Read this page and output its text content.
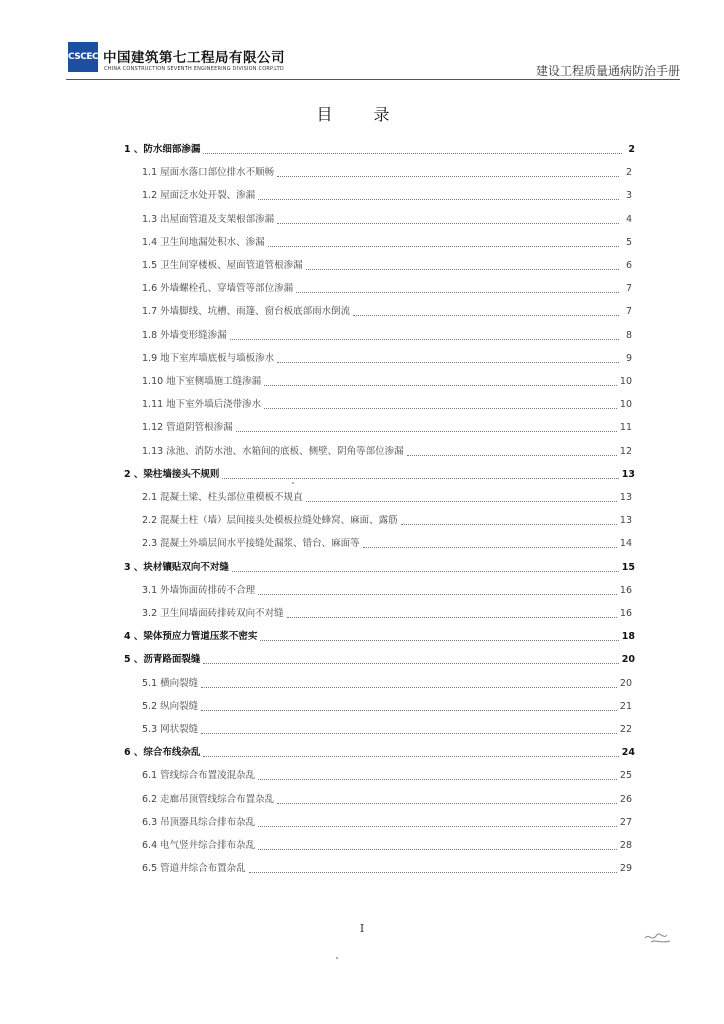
CSCEC 中国建筑第七工程局有限公司
CHINA CONSTRUCTION SEVENTH ENGINEERING DIVISION.CORP.LTD	建设工程质量通病防治手册
目 录
1 、防水细部渗漏	2
1.1 屋面水落口部位排水不顺畅	2
1.2 屋面泛水处开裂、渗漏	3
1.3 出屋面管道及支架根部渗漏	4
1.4 卫生间地漏处积水、渗漏	5
1.5 卫生间穿楼板、屋面管道管根渗漏	6
1.6 外墙螺栓孔、穿墙管等部位渗漏	7
1.7 外墙脚线、坑槽、雨篷、窗台板底部雨水倒流	7
1.8 外墙变形缝渗漏	8
1.9 地下室库墙底板与墙板渗水	9
1.10 地下室侧墙施工缝渗漏	10
1.11 地下室外墙后浇带渗水	10
1.12 管道阴管根渗漏	11
1.13 泳池、消防水池、水箱间的底板、侧壁、阴角等部位渗漏	12
2 、梁柱墙接头不规则	13
2.1 混凝土梁、柱头部位重模板不规直	13
2.2 混凝土柱（墙）层间接头处模板拉缝处蜂窝、麻面、露筋	13
2.3 混凝土外墙层间水平接缝处漏浆、错台、麻面等	14
3 、块材镶贴双向不对缝	15
3.1 外墙饰面砖排砖不合理	16
3.2 卫生间墙面砖排砖双向不对缝	16
4 、梁体预应力管道压浆不密实	18
5 、沥青路面裂缝	20
5.1 横向裂缝	20
5.2 纵向裂缝	21
5.3 网状裂缝	22
6 、综合布线杂乱	24
6.1 管线综合布置凌混杂乱	25
6.2 走廊吊顶管线综合布置杂乱	26
6.3 吊顶器具综合排布杂乱	27
6.4 电气竖井综合排布杂乱	28
6.5 管道井综合布置杂乱	29
I
